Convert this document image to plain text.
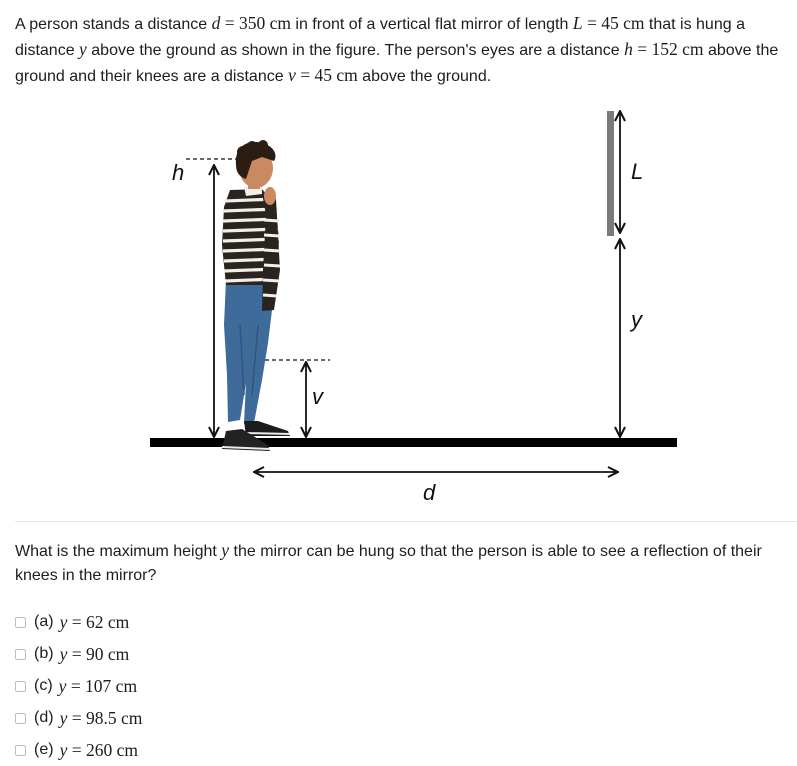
A person stands a distance d = 350 cm in front of a vertical flat mirror of length L = 45 cm that is hung a distance y above the ground as shown in the figure. The person's eyes are a distance h = 152 cm above the ground and their knees are a distance v = 45 cm above the ground.

h
v
L
y
d

What is the maximum height y the mirror can be hung so that the person is able to see a reflection of their knees in the mirror?

(a) y = 62 cm
(b) y = 90 cm
(c) y = 107 cm
(d) y = 98.5 cm
(e) y = 260 cm
